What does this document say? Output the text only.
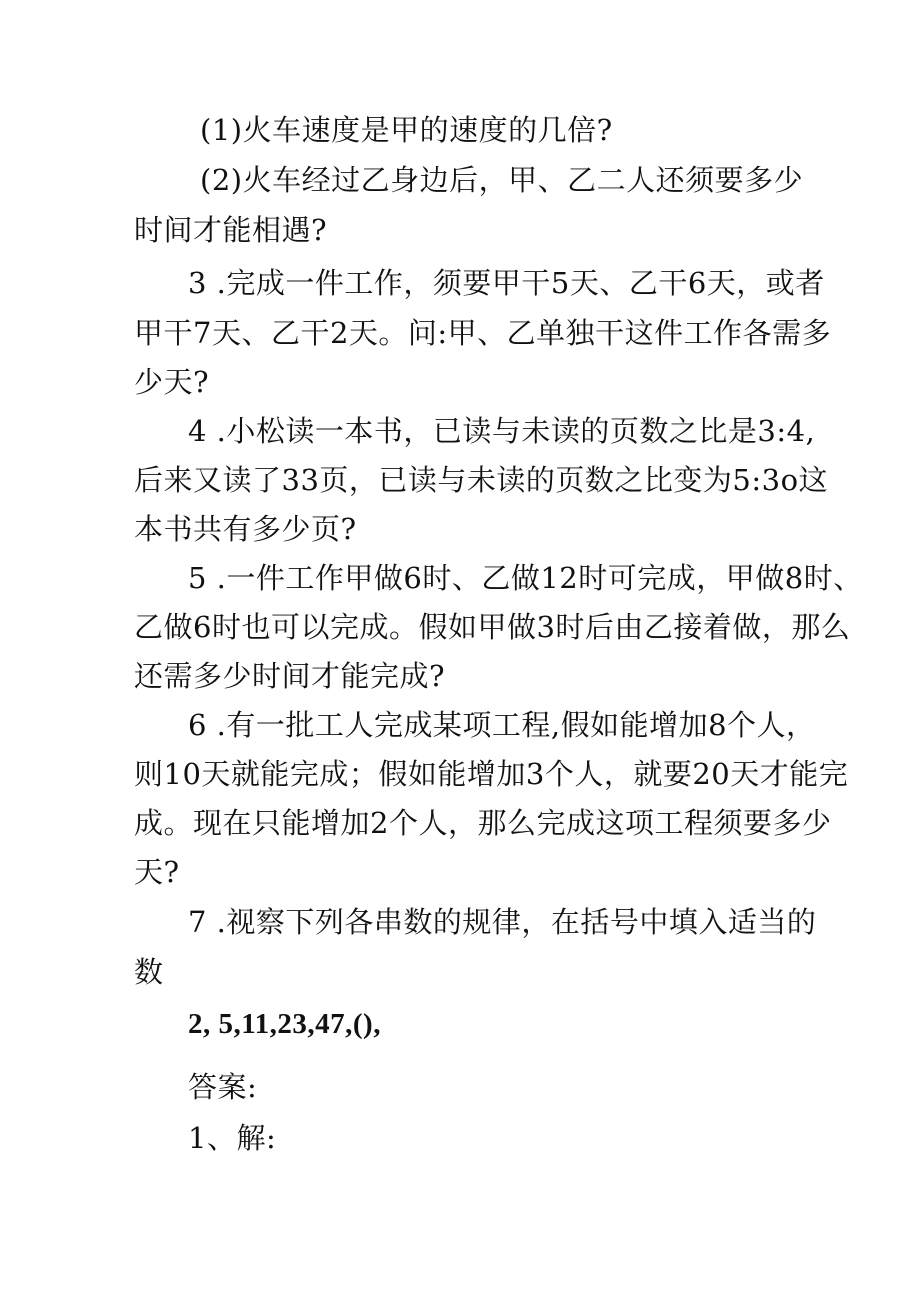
(1)火车速度是甲的速度的几倍?
(2)火车经过乙身边后，甲、乙二人还须要多少
时间才能相遇?
3 .完成一件工作，须要甲干5天、乙干6天，或者
甲干7天、乙干2天。问:甲、乙单独干这件工作各需多
少天?
4 .小松读一本书，已读与未读的页数之比是3:4,
后来又读了33页，已读与未读的页数之比变为5:3o这
本书共有多少页?
5 .一件工作甲做6时、乙做12时可完成，甲做8时、
乙做6时也可以完成。假如甲做3时后由乙接着做，那么
还需多少时间才能完成?
6 .有一批工人完成某项工程,假如能增加8个人，
则10天就能完成；假如能增加3个人，就要20天才能完
成。现在只能增加2个人，那么完成这项工程须要多少
天?
7 .视察下列各串数的规律，在括号中填入适当的
数
2, 5,11,23,47,(),
答案:
1、解:
